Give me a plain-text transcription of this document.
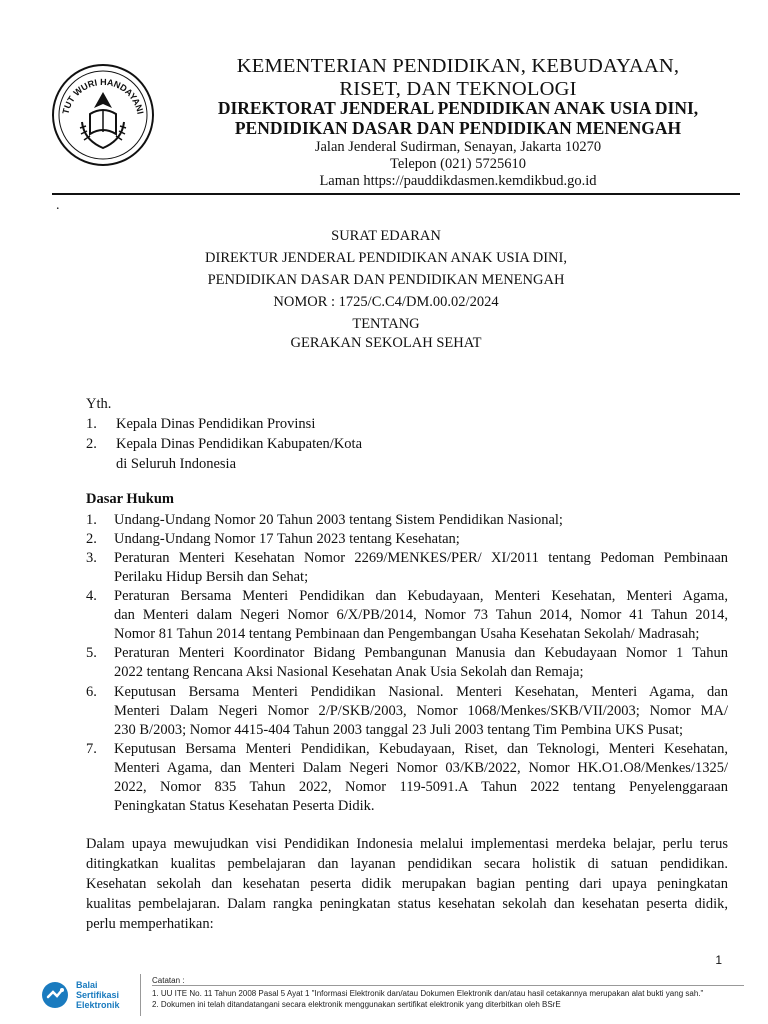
TUT WURI HANDAYANI
KEMENTERIAN PENDIDIKAN, KEBUDAYAAN,
RISET, DAN TEKNOLOGI
DIREKTORAT JENDERAL PENDIDIKAN ANAK USIA DINI,
PENDIDIKAN DASAR DAN PENDIDIKAN MENENGAH
Jalan Jenderal Sudirman, Senayan, Jakarta 10270
Telepon (021) 5725610
Laman https://pauddikdasmen.kemdikbud.go.id
.
SURAT EDARAN
DIREKTUR JENDERAL PENDIDIKAN ANAK USIA DINI,
PENDIDIKAN DASAR DAN PENDIDIKAN MENENGAH
NOMOR : 1725/C.C4/DM.00.02/2024
TENTANG
GERAKAN SEKOLAH SEHAT
Yth.
1. Kepala Dinas Pendidikan Provinsi
2. Kepala Dinas Pendidikan Kabupaten/Kota
di Seluruh Indonesia
Dasar Hukum
1. Undang-Undang Nomor 20 Tahun 2003 tentang Sistem Pendidikan Nasional;
2. Undang-Undang Nomor 17 Tahun 2023 tentang Kesehatan;
3. Peraturan Menteri Kesehatan Nomor 2269/MENKES/PER/ XI/2011 tentang Pedoman Pembinaan
Perilaku Hidup Bersih dan Sehat;
4. Peraturan Bersama Menteri Pendidikan dan Kebudayaan, Menteri Kesehatan, Menteri Agama,
dan Menteri dalam Negeri Nomor 6/X/PB/2014, Nomor 73 Tahun 2014, Nomor 41 Tahun 2014,
Nomor 81 Tahun 2014 tentang Pembinaan dan Pengembangan Usaha Kesehatan Sekolah/ Madrasah;
5. Peraturan Menteri Koordinator Bidang Pembangunan Manusia dan Kebudayaan Nomor 1 Tahun
2022 tentang Rencana Aksi Nasional Kesehatan Anak Usia Sekolah dan Remaja;
6. Keputusan Bersama Menteri Pendidikan Nasional. Menteri Kesehatan, Menteri Agama, dan
Menteri Dalam Negeri Nomor 2/P/SKB/2003, Nomor 1068/Menkes/SKB/VII/2003; Nomor MA/
230 B/2003; Nomor 4415-404 Tahun 2003 tanggal 23 Juli 2003 tentang Tim Pembina UKS Pusat;
7. Keputusan Bersama Menteri Pendidikan, Kebudayaan, Riset, dan Teknologi, Menteri Kesehatan,
Menteri Agama, dan Menteri Dalam Negeri Nomor 03/KB/2022, Nomor HK.O1.O8/Menkes/1325/
2022, Nomor 835 Tahun 2022, Nomor 119-5091.A Tahun 2022 tentang Penyelenggaraan
Peningkatan Status Kesehatan Peserta Didik.
Dalam upaya mewujudkan visi Pendidikan Indonesia melalui implementasi merdeka belajar, perlu terus
ditingkatkan kualitas pembelajaran dan layanan pendidikan secara holistik di satuan pendidikan.
Kesehatan sekolah dan kesehatan peserta didik merupakan bagian penting dari upaya peningkatan
kualitas pembelajaran. Dalam rangka peningkatan status kesehatan sekolah dan kesehatan peserta didik,
perlu memperhatikan:
1
Balai
Sertifikasi
Elektronik
Catatan :
1. UU ITE No. 11 Tahun 2008 Pasal 5 Ayat 1 "Informasi Elektronik dan/atau Dokumen Elektronik dan/atau hasil cetakannya merupakan alat bukti yang sah."
2. Dokumen ini telah ditandatangani secara elektronik menggunakan sertifikat elektronik yang diterbitkan oleh BSrE
